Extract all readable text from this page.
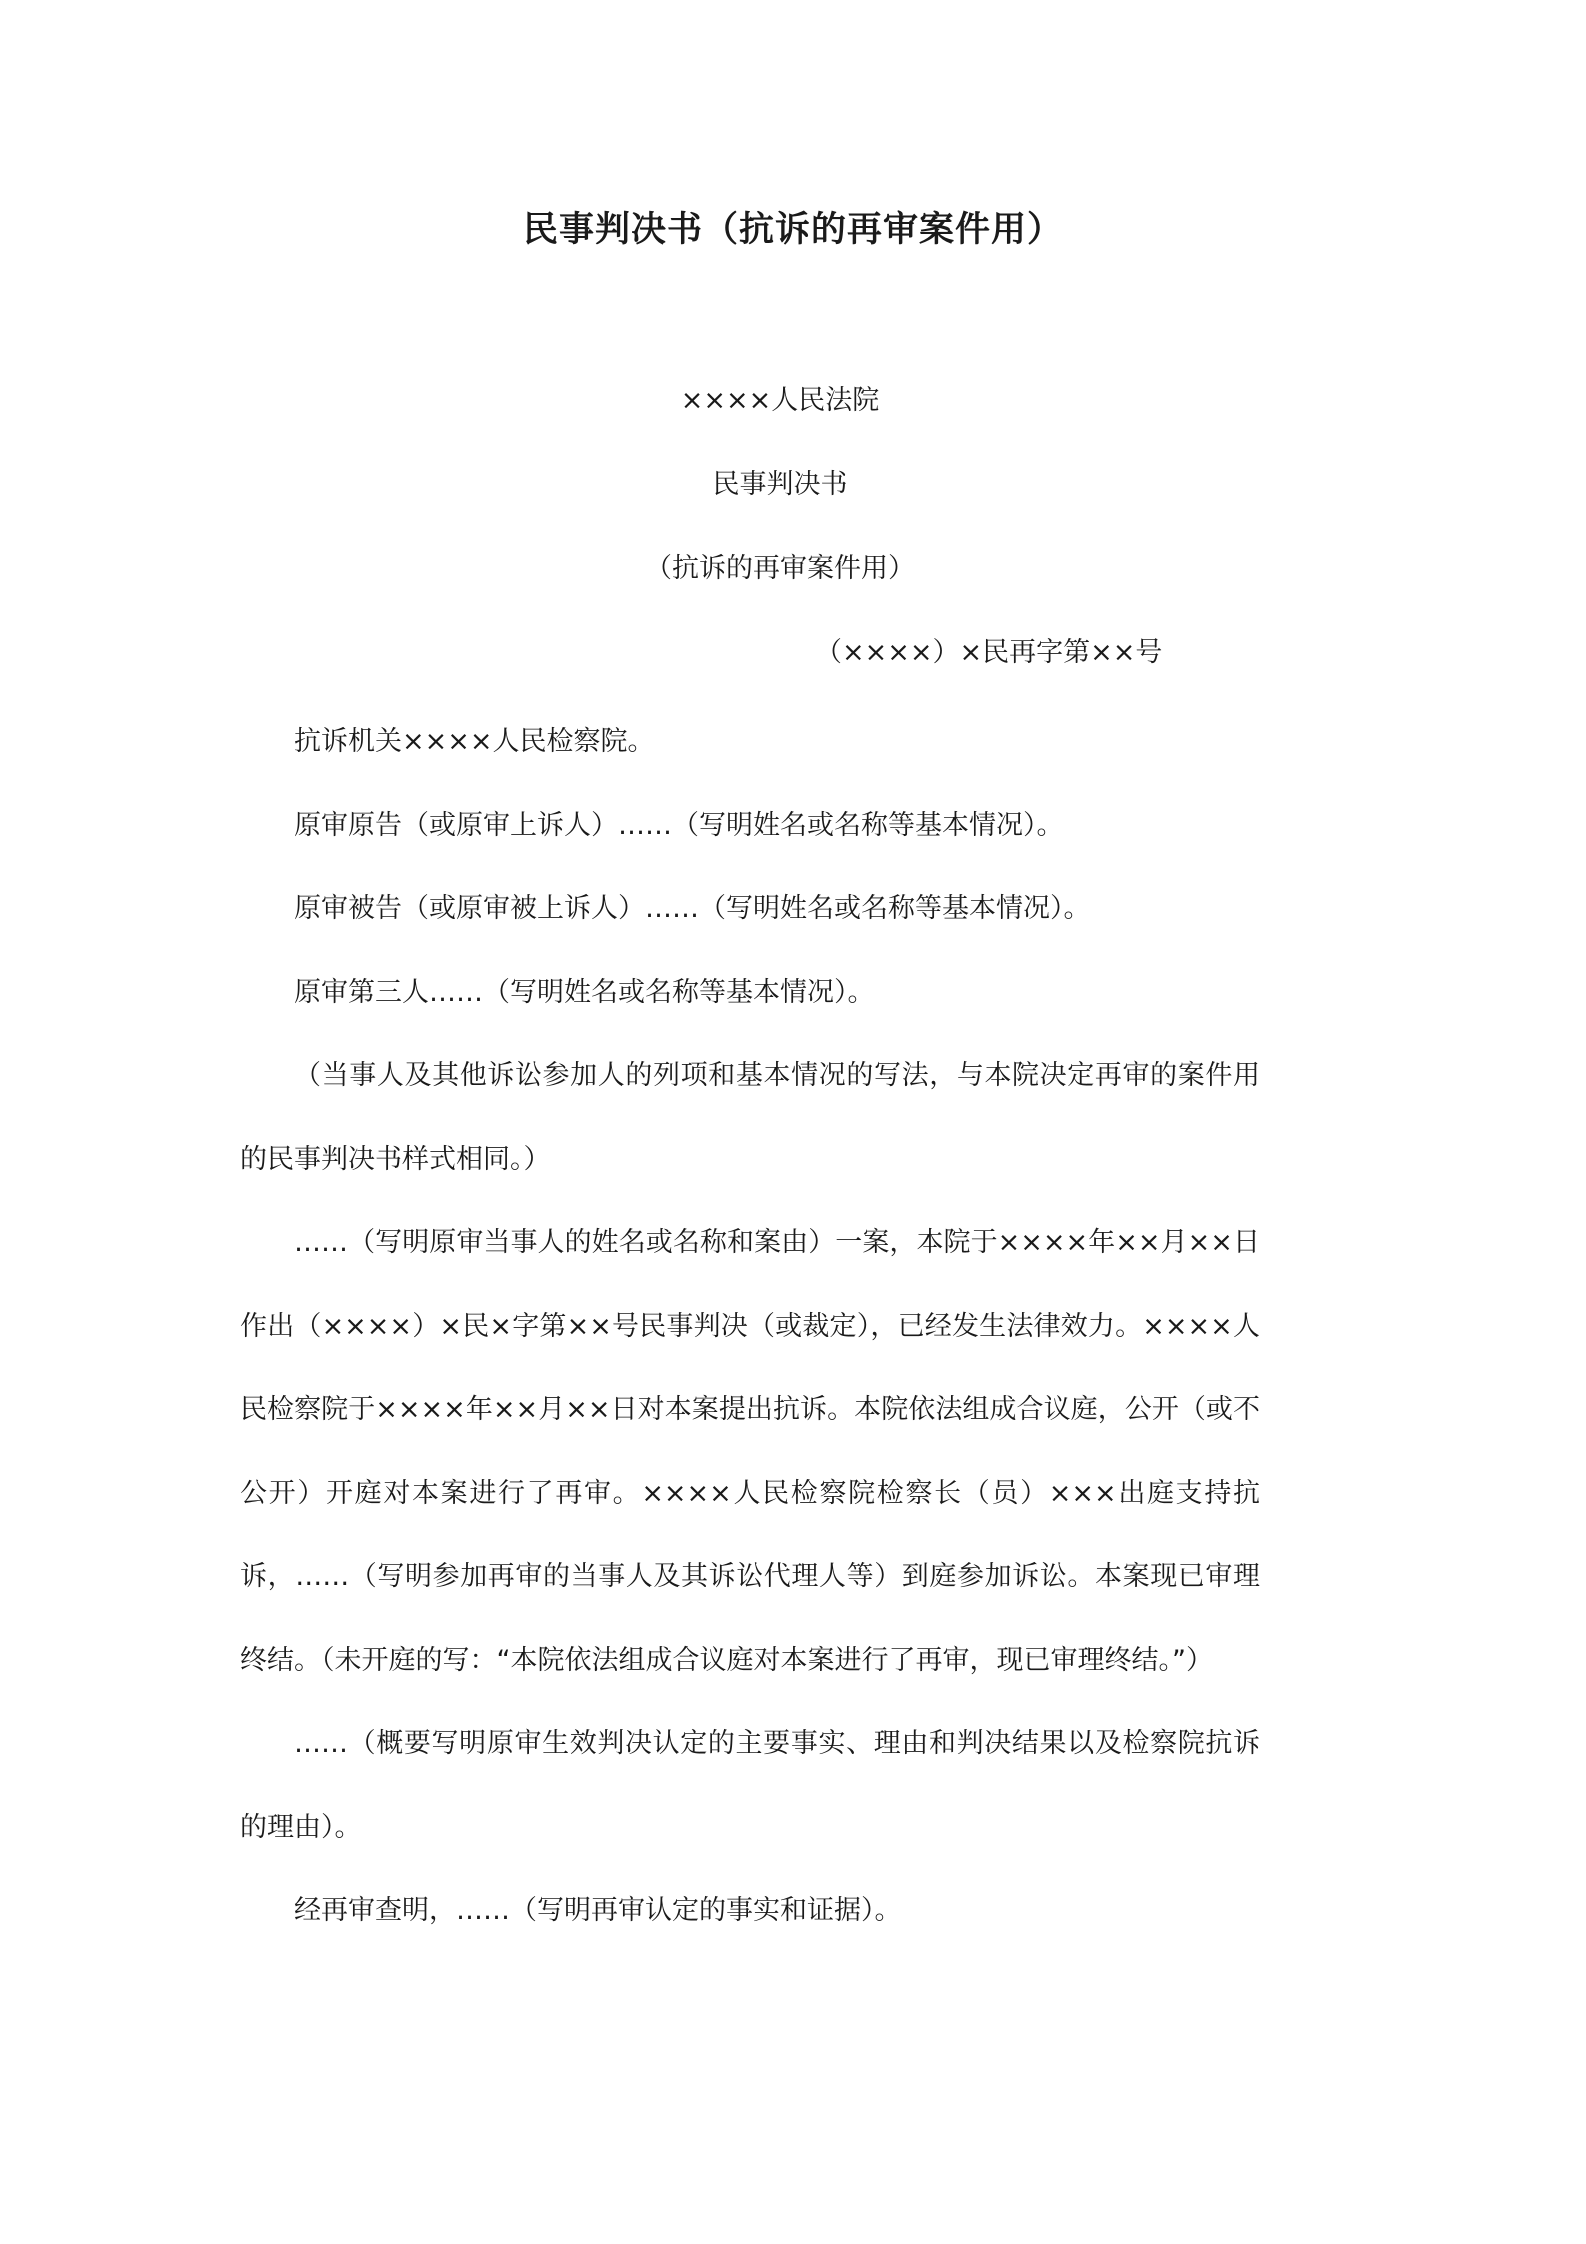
民事判决书（抗诉的再审案件用）
××××人民法院
民事判决书
（抗诉的再审案件用）
（××××）×民再字第××号

抗诉机关××××人民检察院。

原审原告（或原审上诉人）……（写明姓名或名称等基本情况）。

原审被告（或原审被上诉人）……（写明姓名或名称等基本情况）。

原审第三人……（写明姓名或名称等基本情况）。

（当事人及其他诉讼参加人的列项和基本情况的写法，与本院决定再审的案件用的民事判决书样式相同。）

……（写明原审当事人的姓名或名称和案由）一案，本院于××××年××月××日作出（××××）×民×字第××号民事判决（或裁定），已经发生法律效力。××××人民检察院于××××年××月××日对本案提出抗诉。本院依法组成合议庭，公开（或不公开）开庭对本案进行了再审。××××人民检察院检察长（员）×××出庭支持抗诉，……（写明参加再审的当事人及其诉讼代理人等）到庭参加诉讼。本案现已审理终结。（未开庭的写：“本院依法组成合议庭对本案进行了再审，现已审理终结。”）

……（概要写明原审生效判决认定的主要事实、理由和判决结果以及检察院抗诉的理由）。

经再审查明，……（写明再审认定的事实和证据）。
